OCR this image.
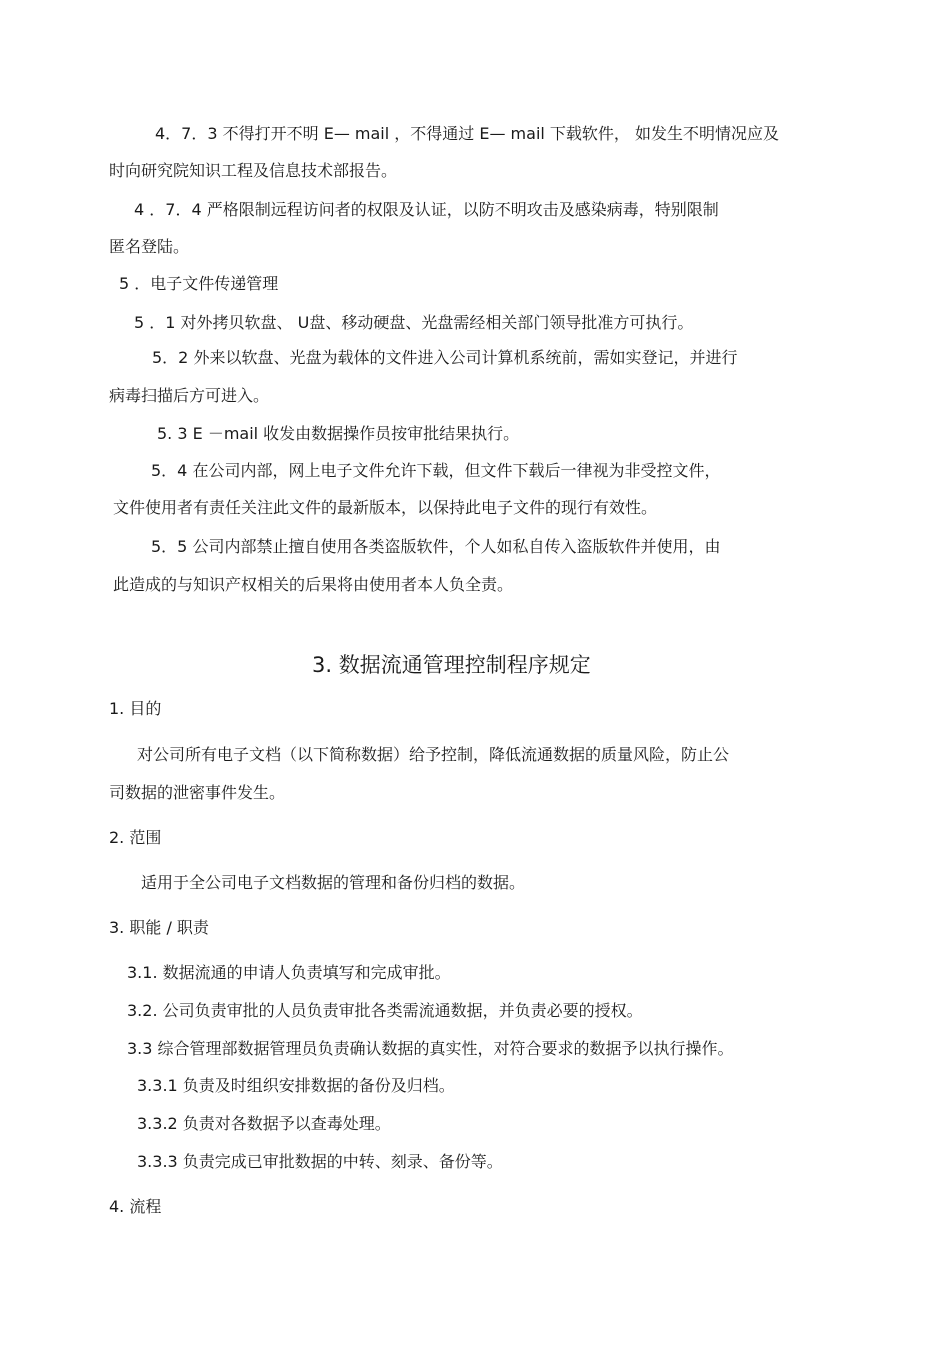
4．7．3 不得打开不明 E— mail ，不得通过 E— mail 下载软件， 如发生不明情况应及
时向研究院知识工程及信息技术部报告。
4 ．7．4 严格限制远程访问者的权限及认证，以防不明攻击及感染病毒，特别限制
匿名登陆。
5 ．电子文件传递管理
5 ．1 对外拷贝软盘、 U盘、移动硬盘、光盘需经相关部门领导批准方可执行。
5．2 外来以软盘、光盘为载体的文件进入公司计算机系统前，需如实登记，并进行
病毒扫描后方可进入。
5. 3 E －mail 收发由数据操作员按审批结果执行。
5．4 在公司内部，网上电子文件允许下载，但文件下载后一律视为非受控文件，
文件使用者有责任关注此文件的最新版本，以保持此电子文件的现行有效性。
5．5 公司内部禁止擅自使用各类盗版软件，个人如私自传入盗版软件并使用，由
此造成的与知识产权相关的后果将由使用者本人负全责。
3. 数据流通管理控制程序规定
1. 目的
对公司所有电子文档（以下简称数据）给予控制，降低流通数据的质量风险，防止公
司数据的泄密事件发生。
2. 范围
适用于全公司电子文档数据的管理和备份归档的数据。
3. 职能 / 职责
3.1. 数据流通的申请人负责填写和完成审批。
3.2. 公司负责审批的人员负责审批各类需流通数据，并负责必要的授权。
3.3 综合管理部数据管理员负责确认数据的真实性，对符合要求的数据予以执行操作。
3.3.1 负责及时组织安排数据的备份及归档。
3.3.2 负责对各数据予以查毒处理。
3.3.3 负责完成已审批数据的中转、刻录、备份等。
4. 流程
